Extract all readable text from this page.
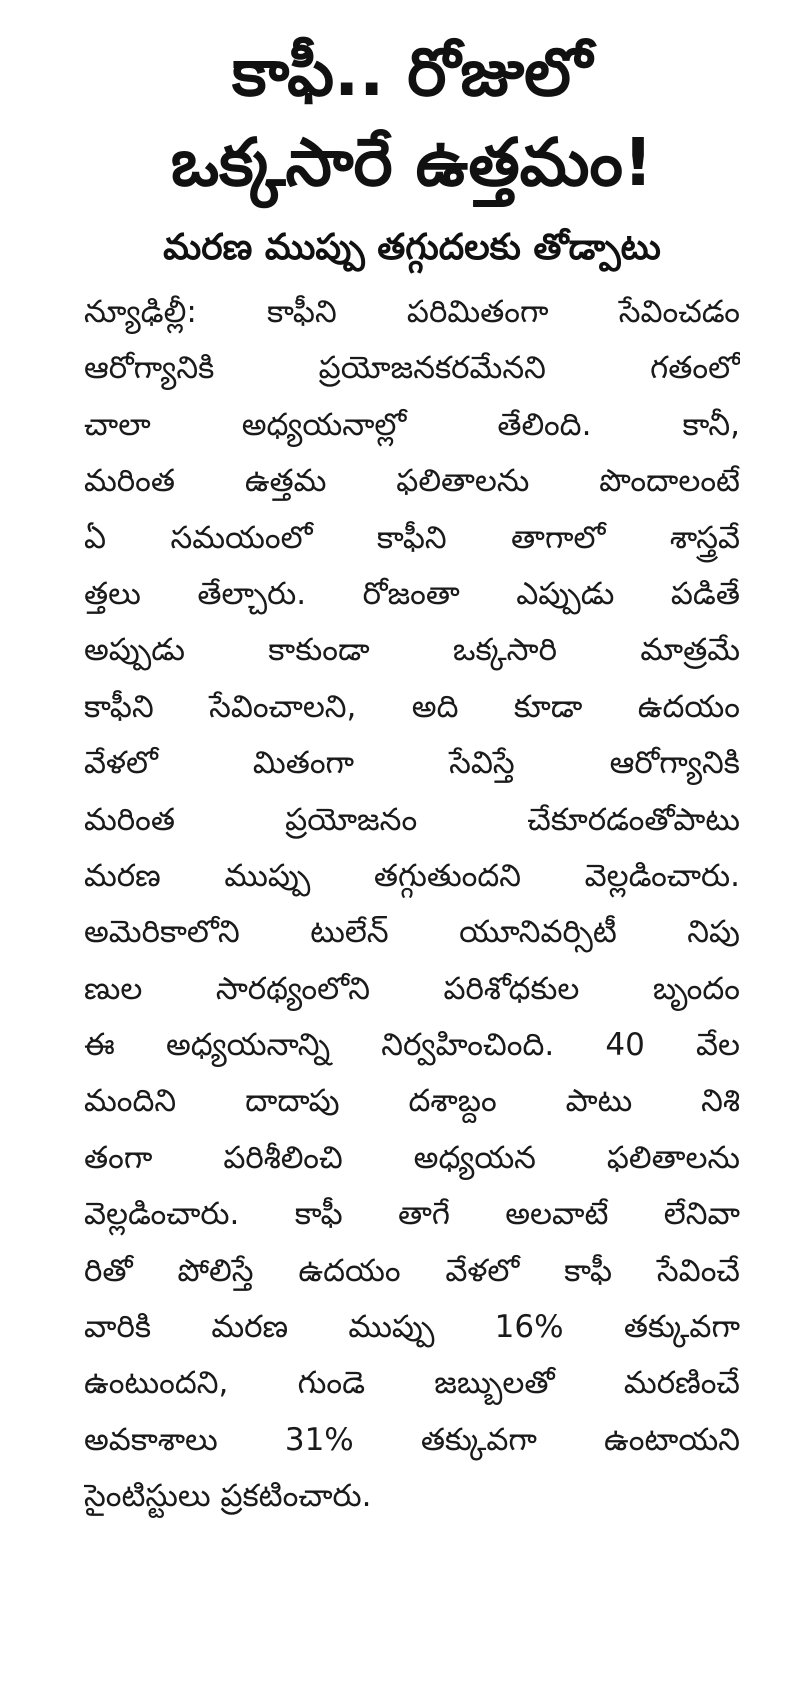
కాఫీ.. రోజులో
ఒక్కసారే ఉత్తమం!
మరణ ముప్పు తగ్గుదలకు తోడ్పాటు
న్యూఢిల్లీ: కాఫీని పరిమితంగా సేవించడం
ఆరోగ్యానికి ప్రయోజనకరమేనని గతంలో
చాలా అధ్యయనాల్లో తేలింది. కానీ,
మరింత ఉత్తమ ఫలితాలను పొందాలంటే
ఏ సమయంలో కాఫీని తాగాలో శాస్త్రవే
త్తలు తేల్చారు. రోజంతా ఎప్పుడు పడితే
అప్పుడు కాకుండా ఒక్కసారి మాత్రమే
కాఫీని సేవించాలని, అది కూడా ఉదయం
వేళలో మితంగా సేవిస్తే ఆరోగ్యానికి
మరింత ప్రయోజనం చేకూరడంతోపాటు
మరణ ముప్పు తగ్గుతుందని వెల్లడించారు.
అమెరికాలోని టులేన్ యూనివర్సిటీ నిపు
ణుల సారథ్యంలోని పరిశోధకుల బృందం
ఈ అధ్యయనాన్ని నిర్వహించింది. 40 వేల
మందిని దాదాపు దశాబ్దం పాటు నిశి
తంగా పరిశీలించి అధ్యయన ఫలితాలను
వెల్లడించారు. కాఫీ తాగే అలవాటే లేనివా
రితో పోలిస్తే ఉదయం వేళలో కాఫీ సేవించే
వారికి మరణ ముప్పు 16% తక్కువగా
ఉంటుందని, గుండె జబ్బులతో మరణించే
అవకాశాలు 31% తక్కువగా ఉంటాయని
సైంటిస్టులు ప్రకటించారు.
